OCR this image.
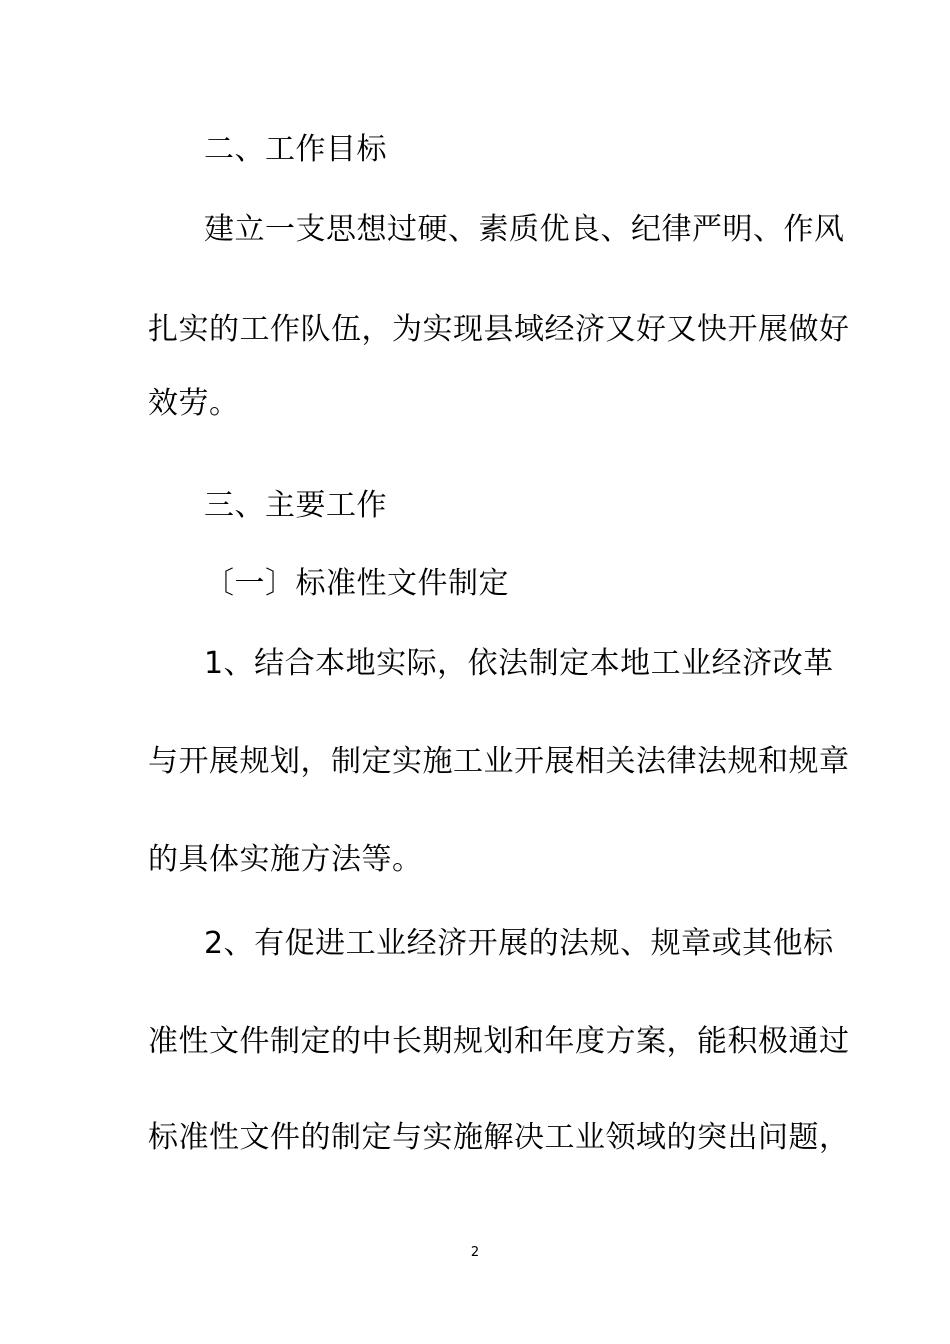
二、工作目标
建立一支思想过硬、素质优良、纪律严明、作风
扎实的工作队伍，为实现县域经济又好又快开展做好
效劳。
三、主要工作
〔一〕标准性文件制定
1、结合本地实际，依法制定本地工业经济改革
与开展规划，制定实施工业开展相关法律法规和规章
的具体实施方法等。
2、有促进工业经济开展的法规、规章或其他标
准性文件制定的中长期规划和年度方案，能积极通过
标准性文件的制定与实施解决工业领域的突出问题，
2
